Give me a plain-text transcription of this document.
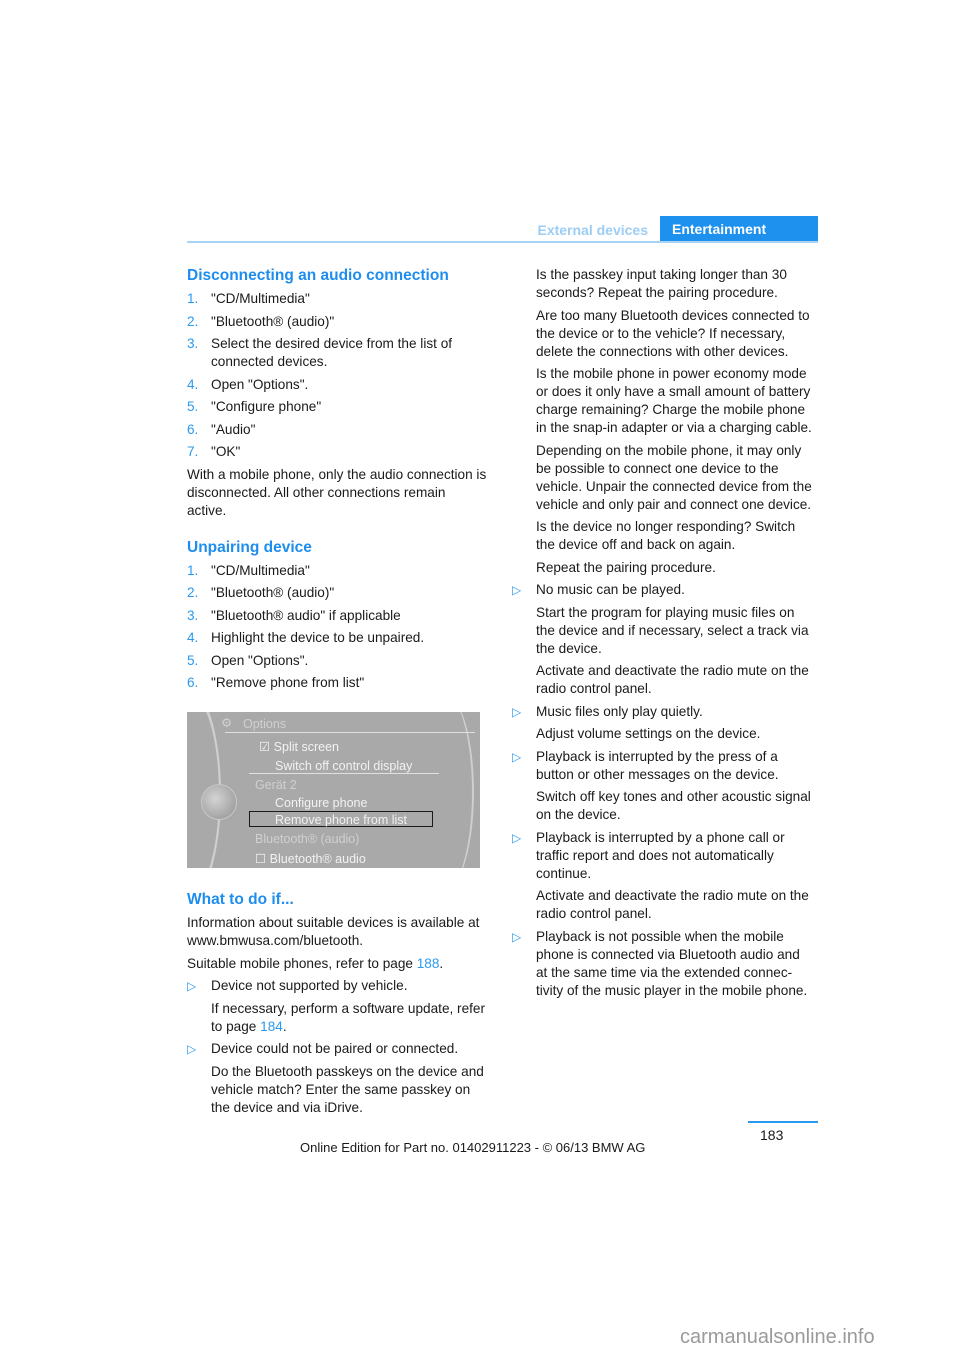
External devices	Entertainment
Disconnecting an audio connection
1. "CD/Multimedia"
2. "Bluetooth® (audio)"
3. Select the desired device from the list of connected devices.
4. Open "Options".
5. "Configure phone"
6. "Audio"
7. "OK"

With a mobile phone, only the audio connection is disconnected. All other connections remain active.

Unpairing device
1. "CD/Multimedia"
2. "Bluetooth® (audio)"
3. "Bluetooth® audio" if applicable
4. Highlight the device to be unpaired.
5. Open "Options".
6. "Remove phone from list"
⚙ Options
☑ Split screen
Switch off control display
Gerät 2
Configure phone
Remove phone from list
Bluetooth® (audio)
☐ Bluetooth® audio
What to do if...

Information about suitable devices is available at www.bmwusa.com/bluetooth.

Suitable mobile phones, refer to page 188.

▷	Device not supported by vehicle.

If necessary, perform a software update, refer to page 184.

▷	Device could not be paired or connected.

Do the Bluetooth passkeys on the device and vehicle match? Enter the same passkey on the device and via iDrive.

Is the passkey input taking longer than 30 seconds? Repeat the pairing procedure.

Are too many Bluetooth devices connected to the device or to the vehicle? If necessary, delete the connections with other devices.

Is the mobile phone in power economy mode or does it only have a small amount of battery charge remaining? Charge the mobile phone in the snap-in adapter or via a charging cable.

Depending on the mobile phone, it may only be possible to connect one device to the vehicle. Unpair the connected device from the vehicle and only pair and connect one device.

Is the device no longer responding? Switch the device off and back on again.

Repeat the pairing procedure.

▷	No music can be played.

Start the program for playing music files on the device and if necessary, select a track via the device.

Activate and deactivate the radio mute on the radio control panel.

▷	Music files only play quietly.

Adjust volume settings on the device.

▷	Playback is interrupted by the press of a button or other messages on the device.

Switch off key tones and other acoustic signal on the device.

▷	Playback is interrupted by a phone call or traffic report and does not automatically continue.

Activate and deactivate the radio mute on the radio control panel.

▷	Playback is not possible when the mobile phone is connected via Bluetooth audio and at the same time via the extended connec-tivity of the music player in the mobile phone.
183
Online Edition for Part no. 01402911223 - © 06/13 BMW AG
carmanualsonline.info
